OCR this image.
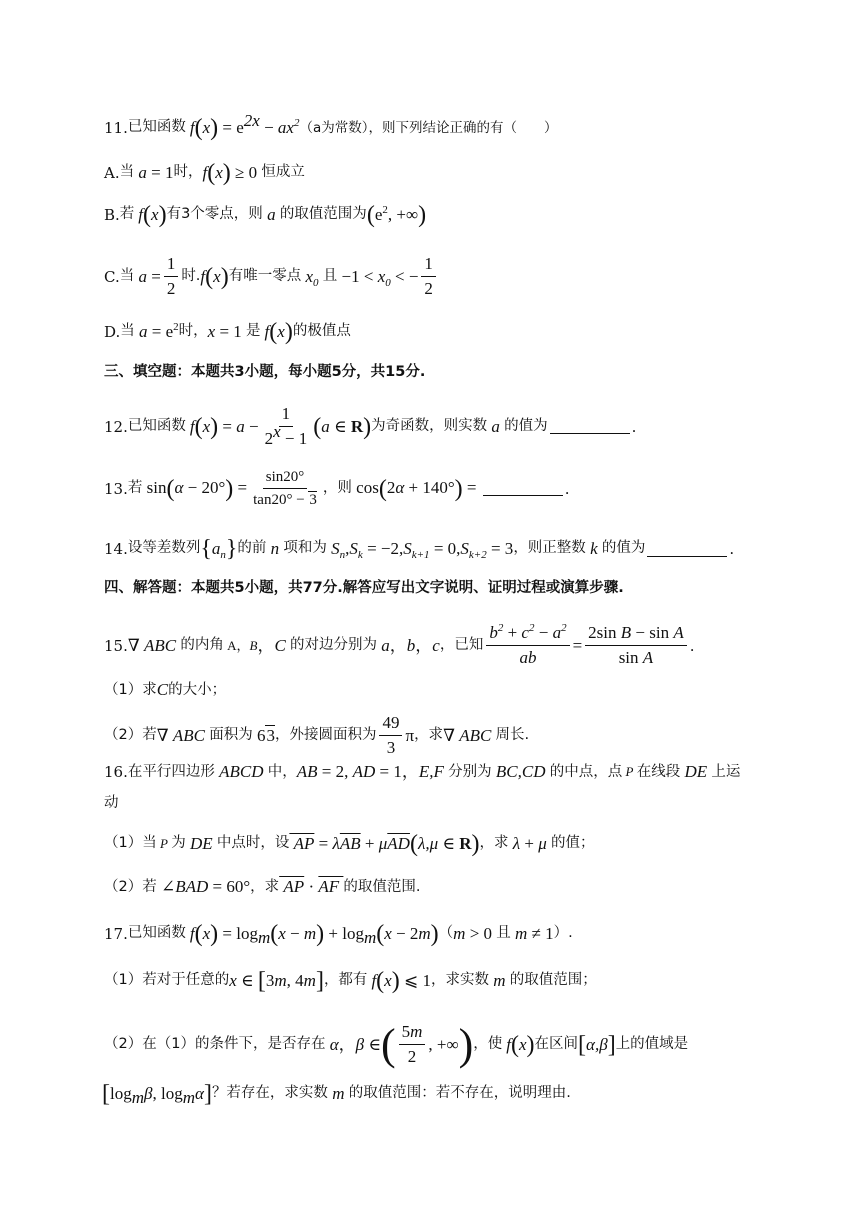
11. 已知函数 f ( x ) = $e^{2x} - ax^2$ （a为常数），则下列结论正确的有（　　）
A. 当 a = 1 时， f ( x ) ≥ 0 恒成立
B. 若 f ( x ) 有3个零点，则 a 的取值范围为 ( $e^2$, +∞ )
C. 当 $a = \frac{1}{2}$ 时. f ( x ) 有唯一零点 $x_0$ 且 $-1 < x_0$ < − $\frac{1}{2}$
D. 当 $a = e^2$ 时， x = 1 是 f ( x ) 的极值点
三、填空题：本题共3小题，每小题5分，共15分.
12. 已知函数 f ( x ) = $a - \frac{1}{2^x - 1}$ ( a ∈ R ) 为奇函数，则实数 a 的值为	.
13. 若 sin ( α − 20° ) = $\frac{\sin 20^\circ}{\tan 20^\circ - 3}$ ，则 cos ( 2 α + 140° ) =	.
14. 设等差数列 { $a_n$ } 的前 n 项和为 $S_n$ , $S_k = -2$, $S_{k+1} = 0$, $S_{k+2} = 3$ ，则正整数 k 的值为	.
四、解答题：本题共5小题，共77分.解答应写出文字说明、证明过程或演算步骤.
15. ∇ ABC 的内角 A， B ， C 的对边分别为 a ， b ， c ，已知 $\frac{b^2 + c^2 - a^2}{ab} = \frac{\text{2sin B − sin A}}{\text{sin A}}$ .
（1）求 C 的大小；
（2）若 ∇ ABC 面积为 63 ，外接圆面积为 $\frac{49}{3}$ π ，求 ∇ ABC 周长.
16. 在平行四边形 ABCD 中， AB = 2, AD = 1 ， E,F 分别为 BC,CD 的中点，点 P 在线段 DE 上运
动
（1）当 P 为 DE 中点时，设 AP = λ $\overline{AB} + \mu$ $\overline{AD}$ ( λ,μ ∈ R ) ，求 λ + μ 的值；
（2）若 ∠ BAD = 60° ，求 AP · AF 的取值范围.
17. 已知函数 f ( x ) = $\log_m$ ( x − m ) + $\log_m$ ( x − 2 m ) （ m > 0 且 m ≠ 1 ）.
（1）若对于任意的 x ∈ [ 3 m , 4 m ] ，都有 f ( x ) ⩽ 1 ，求实数 m 的取值范围；
（2）在（1）的条件下，是否存在 α ， β ∈ ( $\frac{5m}{2}$ , +∞ ) ，使 f ( x ) 在区间 [ α,β ] 上的值域是
[ $\log_m \beta$ , $\log_m \alpha$ ] ？若存在，求实数 m 的取值范围：若不存在，说明理由.
